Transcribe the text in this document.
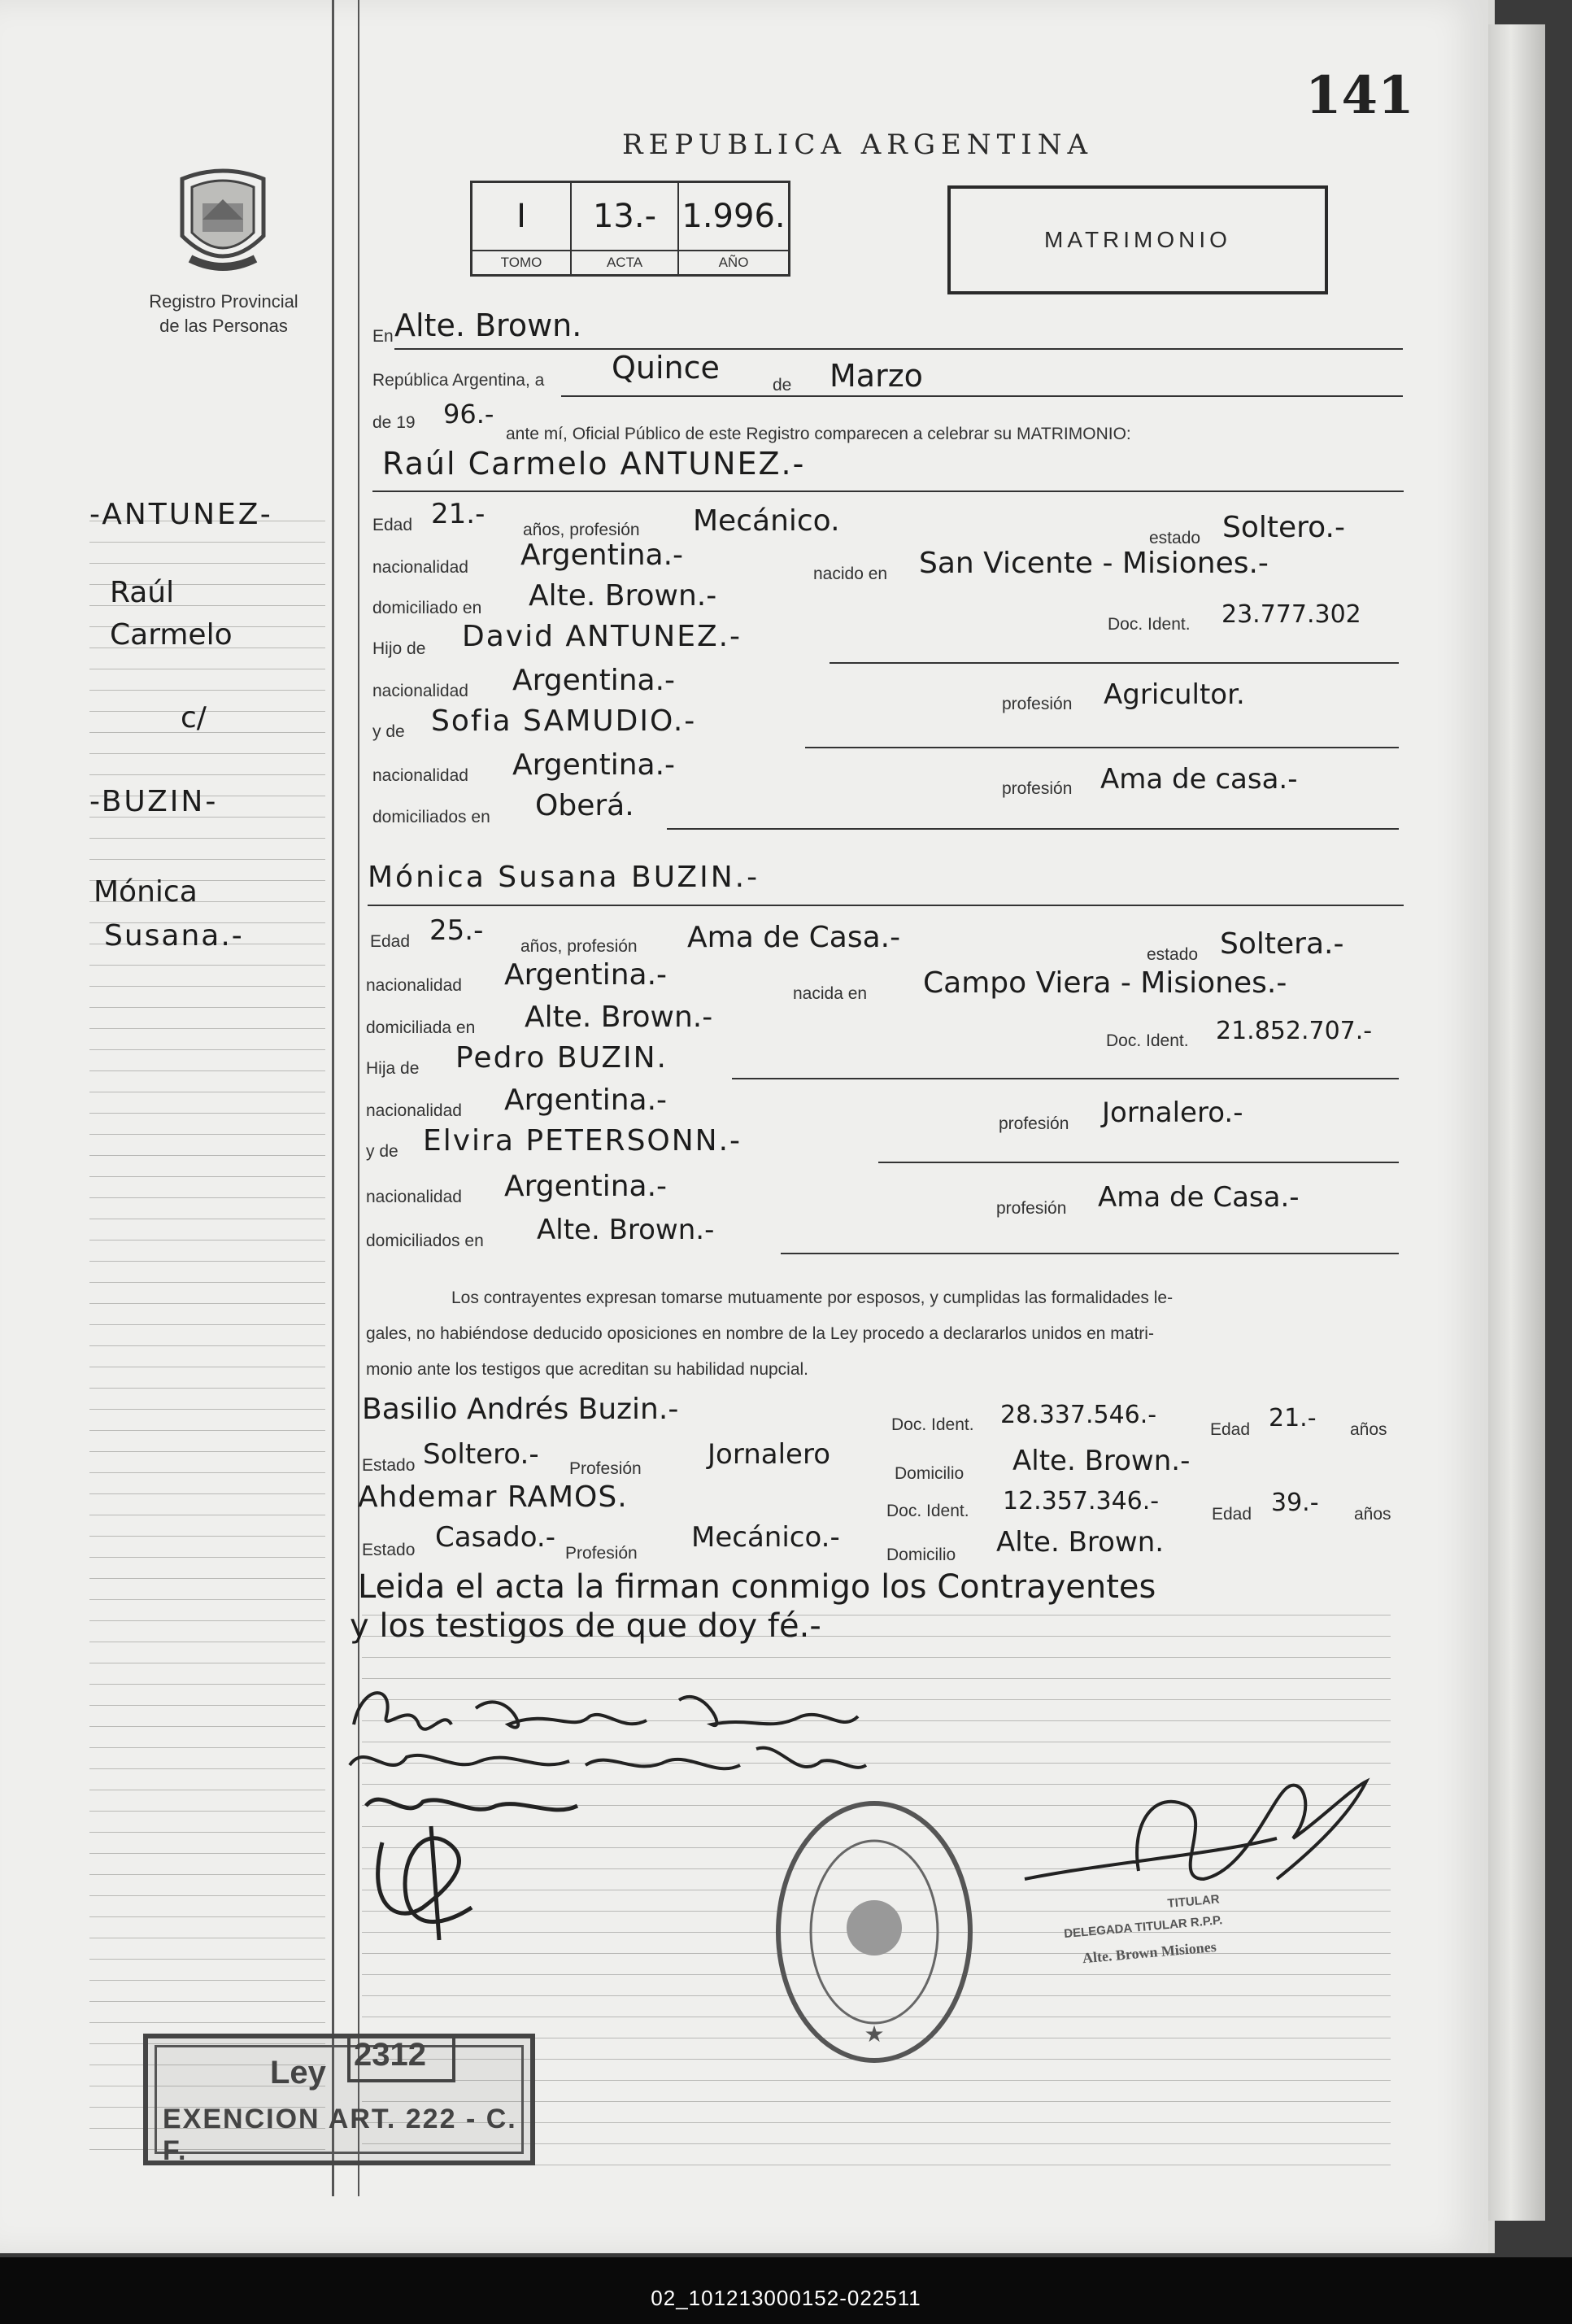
141
REPUBLICA ARGENTINA
I
TOMO
13.-
ACTA
1.996.
AÑO
MATRIMONIO
Registro Provincial
de las Personas
-ANTUNEZ-
Raúl
Carmelo
c/
-BUZIN-
Mónica
Susana.-
En Alte. Brown.
República Argentina, a Quince	de Marzo
de 19 96.-
ante mí, Oficial Público de este Registro comparecen a celebrar su MATRIMONIO:
Raúl Carmelo ANTUNEZ.-
Edad 21.- años, profesión Mecánico.
estado Soltero.-
nacionalidad Argentina.-
nacido en San Vicente - Misiones.-
domiciliado en Alte. Brown.-
Doc. Ident. 23.777.302
Hijo de David ANTUNEZ.-
nacionalidad Argentina.-
profesión Agricultor.
y de Sofia SAMUDIO.-
nacionalidad Argentina.-
profesión Ama de casa.-
domiciliados en Oberá.
Mónica Susana BUZIN.-
Edad 25.- años, profesión Ama de Casa.-
estado Soltera.-
nacionalidad Argentina.-
nacida en Campo Viera - Misiones.-
domiciliada en Alte. Brown.-
Doc. Ident. 21.852.707.-
Hija de Pedro BUZIN.
nacionalidad Argentina.-
profesión Jornalero.-
y de Elvira PETERSONN.-
nacionalidad Argentina.-
profesión Ama de Casa.-
domiciliados en Alte. Brown.-
Los contrayentes expresan tomarse mutuamente por esposos, y cumplidas las formalidades le-
gales, no habiéndose deducido oposiciones en nombre de la Ley procedo a declararlos unidos en matri-
monio ante los testigos que acreditan su habilidad nupcial.
Basilio Andrés Buzin.-	Doc. Ident. 28.337.546.-
Edad 21.- años
Estado Soltero.- Profesión Jornalero
Domicilio Alte. Brown.-
Ahdemar RAMOS.	Doc. Ident. 12.357.346.-	Edad 39.- años
Estado Casado.- Profesión Mecánico.-
Domicilio Alte. Brown.
Leida el acta la firman conmigo los Contrayentes
y los testigos de que doy fé.-
★
TITULAR
DELEGADA TITULAR R.P.P.
Alte. Brown Misiones
Ley 2312
EXENCION ART. 222 - C. F.
02_101213000152-022511
